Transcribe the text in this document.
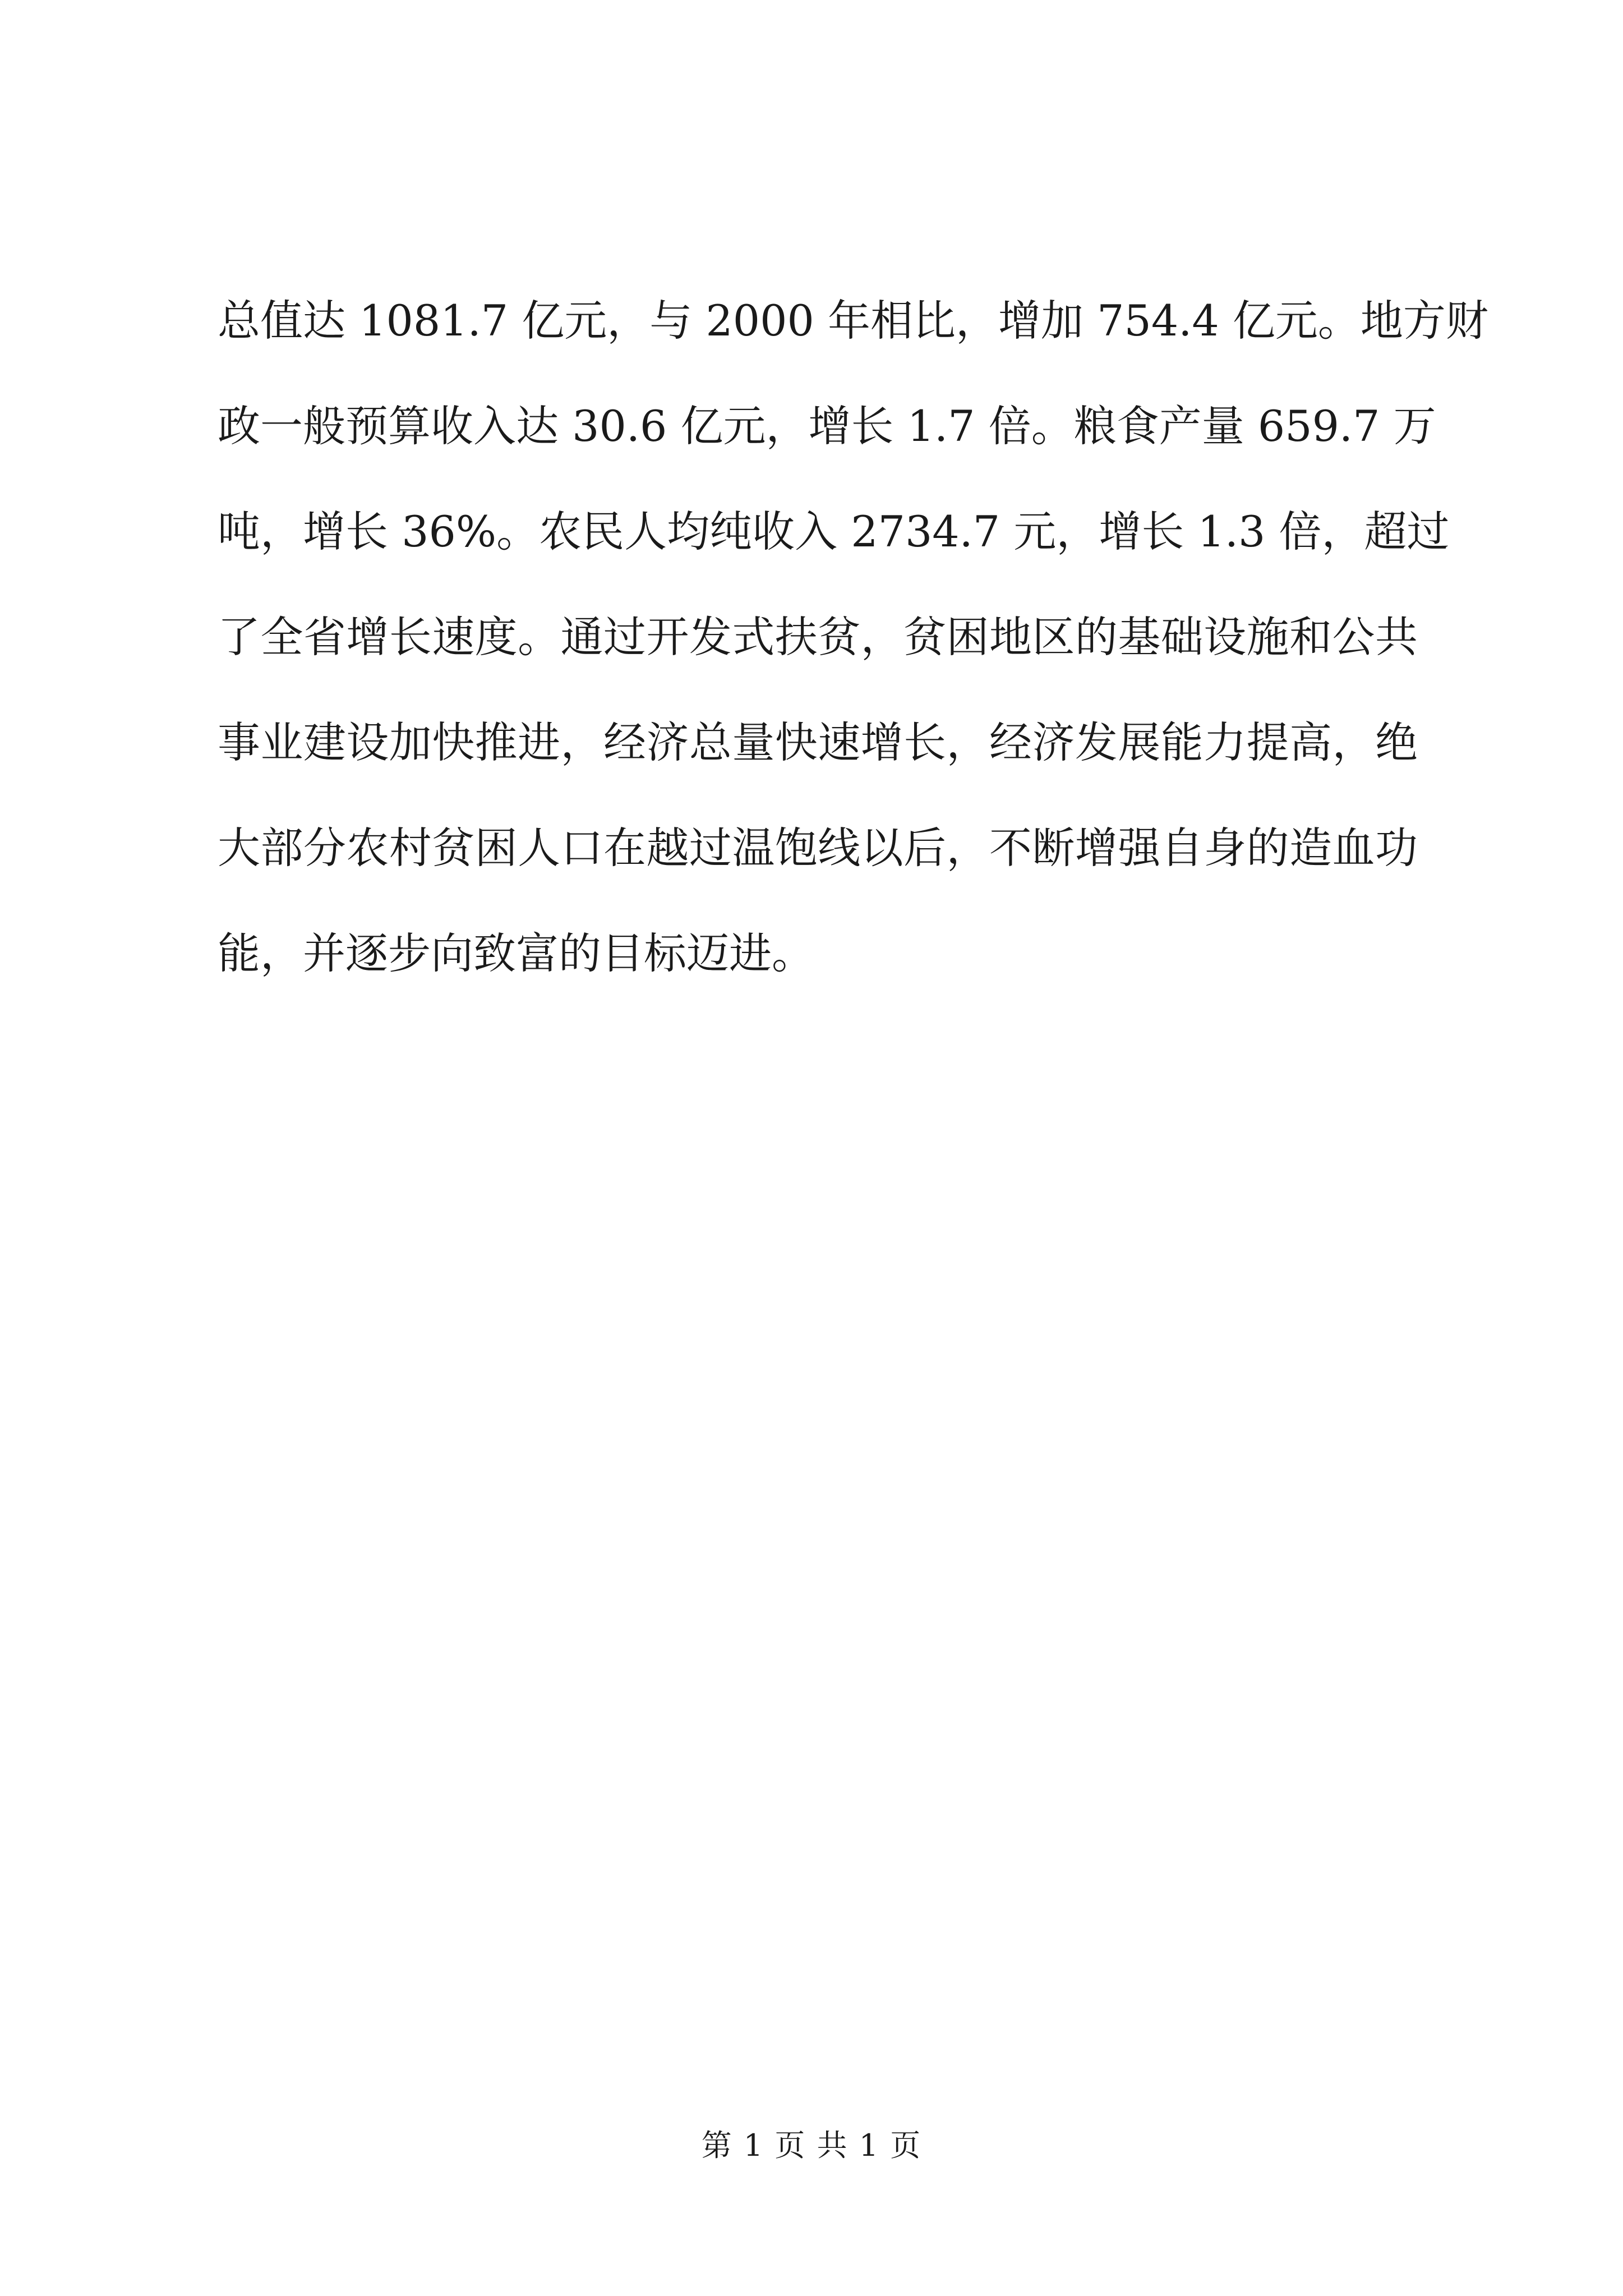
总值达 1081.7 亿元，与 2000 年相比，增加 754.4 亿元。地方财
政一般预算收入达 30.6 亿元，增长 1.7 倍。粮食产量 659.7 万
吨，增长 36%。农民人均纯收入 2734.7 元，增长 1.3 倍，超过
了全省增长速度。通过开发式扶贫，贫困地区的基础设施和公共
事业建设加快推进，经济总量快速增长，经济发展能力提高，绝
大部分农村贫困人口在越过温饱线以后，不断增强自身的造血功
能，并逐步向致富的目标迈进。
第 1 页 共 1 页
